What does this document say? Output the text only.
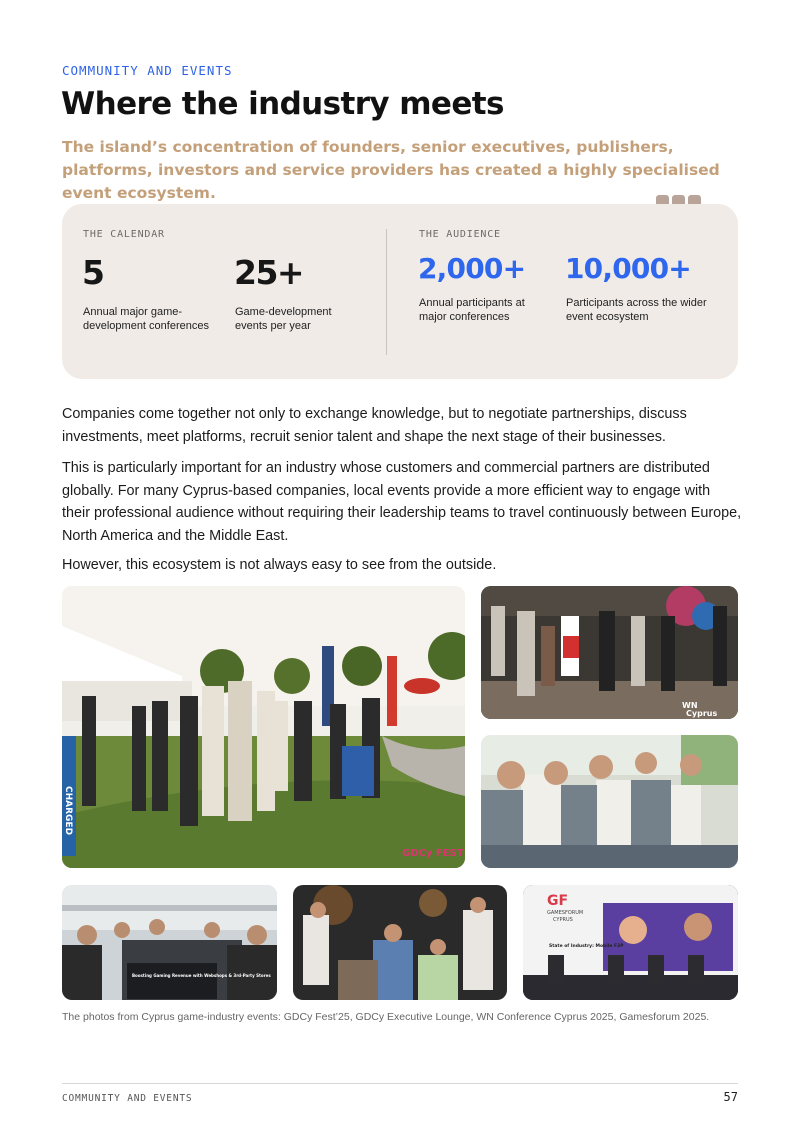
COMMUNITY AND EVENTS
Where the industry meets

The island’s concentration of founders, senior executives, publishers, platforms, investors and service providers has created a highly specialised event ecosystem.

THE CALENDAR
5
Annual major game-development conferences
25+
Game-development events per year
THE AUDIENCE
2,000+
Annual participants at major conferences
10,000+
Participants across the wider event ecosystem

Companies come together not only to exchange knowledge, but to negotiate partnerships, discuss investments, meet platforms, recruit senior talent and shape the next stage of their businesses.

This is particularly important for an industry whose customers and commercial partners are distributed globally. For many Cyprus-based companies, local events provide a more efficient way to engage with their professional audience without requiring their leadership teams to travel continuously between Europe, North America and the Middle East.

However, this ecosystem is not always easy to see from the outside.

CHARGED
GDCy FEST
WN
Cyprus
Boosting Gaming Revenue with Webshops & 3rd-Party Stores
GF
GAMESFORUM
CYPRUS
State of Industry: Mobile F2P

The photos from Cyprus game-industry events: GDCy Fest’25, GDCy Executive Lounge, WN Conference Cyprus 2025, Gamesforum 2025.

COMMUNITY AND EVENTS	57
